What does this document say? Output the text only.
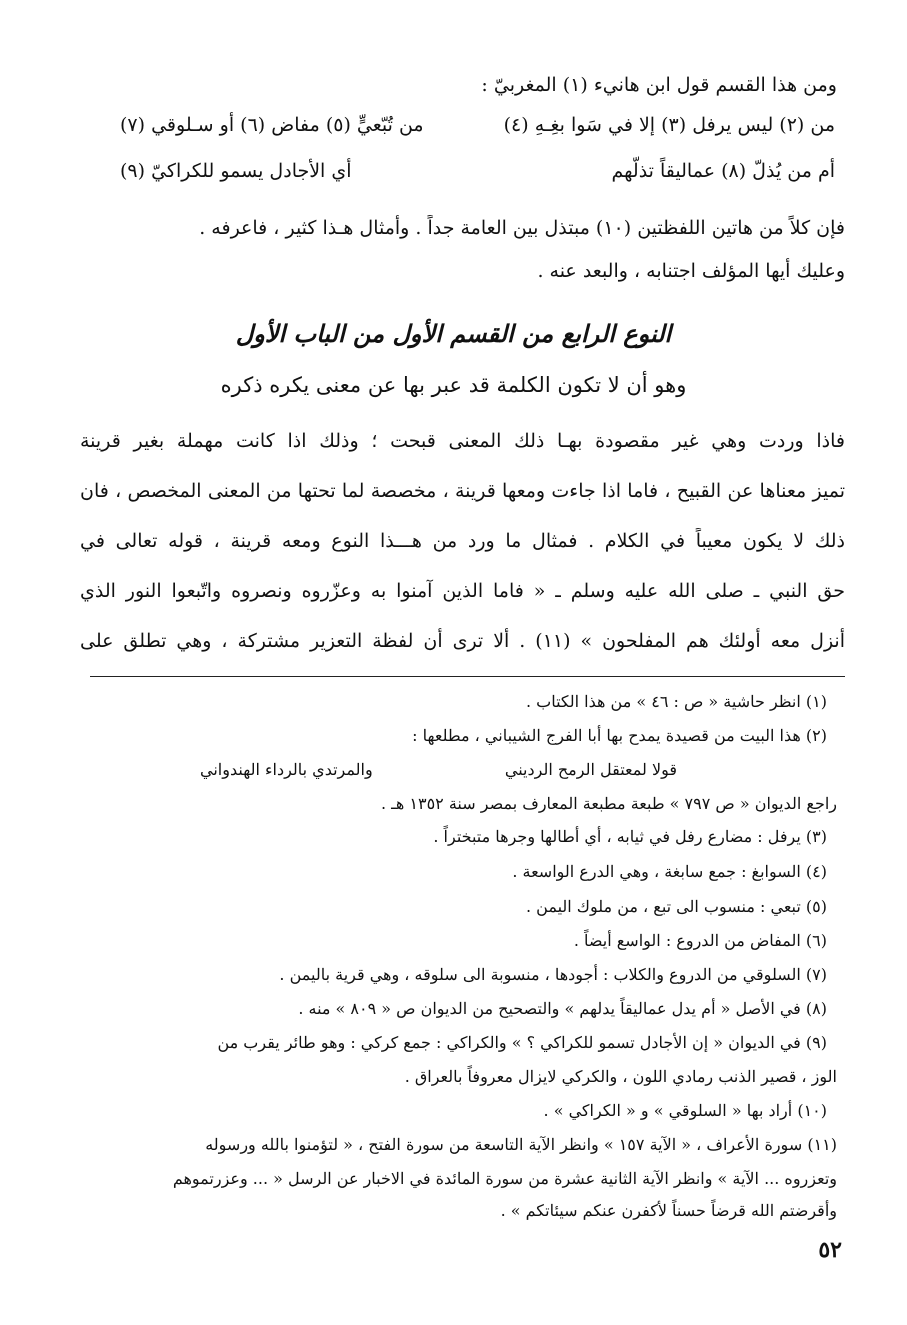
ومن هذا القسم قول ابن هانيء (١) المغربيّ :
من (٢) ليس يرفل (٣) إلا في سَوا بغِـهِ (٤)
من تُبّعيٍّ (٥) مفاض (٦) أو سـلوقي (٧)
أم من يُذلّ (٨) عماليقاً تذلّهم
أي الأجادل يسمو للكراكيّ (٩)
فإن كلاً من هاتين اللفظتين (١٠) مبتذل بين العامة جداً . وأمثال هـذا كثير ، فاعرفه .
وعليك أيها المؤلف اجتنابه ، والبعد عنه .
النوع الرابع من القسم الأول من الباب الأول
وهو أن لا تكون الكلمة قد عبر بها عن معنى يكره ذكره
فاذا وردت وهي غير مقصودة بهـا ذلك المعنى قبحت ؛ وذلك اذا كانت مهملة بغير قرينة
تميز معناها عن القبيح ، فاما اذا جاءت ومعها قرينة ، مخصصة لما تحتها من المعنى المخصص ، فان
ذلك لا يكون معيباً في الكلام . فمثال ما ورد من هـــذا النوع ومعه قرينة ، قوله تعالى في
حق النبي ـ صلى الله عليه وسلم ـ « فاما الذين آمنوا به وعزّروه ونصروه واتّبعوا النور الذي
أنزل معه أولئك هم المفلحون » (١١) . ألا ترى أن لفظة التعزير مشتركة ، وهي تطلق على
(١) انظر حاشية « ص : ٤٦ » من هذا الكتاب .
(٢) هذا البيت من قصيدة يمدح بها أبا الفرج الشيباني ، مطلعها :
قولا لمعتقل الرمح الرديني
والمرتدي بالرداء الهندواني
راجع الديوان « ص ٧٩٧ » طبعة مطبعة المعارف بمصر سنة ١٣٥٢ هـ .
(٣) يرفل : مضارع رفل في ثيابه ، أي أطالها وجرها متبختراً .
(٤) السوابغ : جمع سابغة ، وهي الدرع الواسعة .
(٥) تبعي : منسوب الى تبع ، من ملوك اليمن .
(٦) المفاض من الدروع : الواسع أيضاً .
(٧) السلوقي من الدروع والكلاب : أجودها ، منسوبة الى سلوقه ، وهي قرية باليمن .
(٨) في الأصل « أم يدل عماليقاً يدلهم » والتصحيح من الديوان ص « ٨٠٩ » منه .
(٩) في الديوان « إن الأجادل تسمو للكراكي ؟ » والكراكي : جمع كركي : وهو طائر يقرب من
الوز ، قصير الذنب رمادي اللون ، والكركي لايزال معروفاً بالعراق .
(١٠) أراد بها « السلوقي » و « الكراكي » .
(١١) سورة الأعراف ، « الآية ١٥٧ » وانظر الآية التاسعة من سورة الفتح ، « لتؤمنوا بالله ورسوله
وتعزروه ... الآية » وانظر الآية الثانية عشرة من سورة المائدة في الاخبار عن الرسل « ... وعزرتموهم
وأقرضتم الله قرضاً حسناً لأكفرن عنكم سيئاتكم » .
٥٢
